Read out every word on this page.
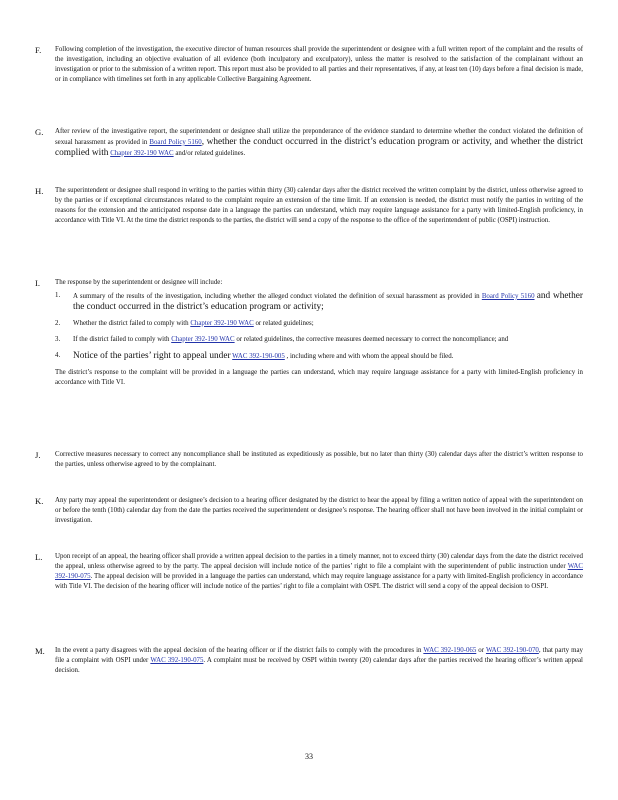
F. Following completion of the investigation, the executive director of human resources shall provide the superintendent or designee with a full written report of the complaint and the results of the investigation, including an objective evaluation of all evidence (both inculpatory and exculpatory), unless the matter is resolved to the satisfaction of the complainant without an investigation or prior to the submission of a written report. This report must also be provided to all parties and their representatives, if any, at least ten (10) days before a final decision is made, or in compliance with timelines set forth in any applicable Collective Bargaining Agreement.

G. After review of the investigative report, the superintendent or designee shall utilize the preponderance of the evidence standard to determine whether the conduct violated the definition of sexual harassment as provided in Board Policy 5160, whether the conduct occurred in the district’s education program or activity, and whether the district complied with Chapter 392-190 WAC and/or related guidelines.

H. The superintendent or designee shall respond in writing to the parties within thirty (30) calendar days after the district received the written complaint by the district, unless otherwise agreed to by the parties or if exceptional circumstances related to the complaint require an extension of the time limit. If an extension is needed, the district must notify the parties in writing of the reasons for the extension and the anticipated response date in a language the parties can understand, which may require language assistance for a party with limited-English proficiency, in accordance with Title VI. At the time the district responds to the parties, the district will send a copy of the response to the office of the superintendent of public (OSPI) instruction.

I. The response by the superintendent or designee will include:

1. A summary of the results of the investigation, including whether the alleged conduct violated the definition of sexual harassment as provided in Board Policy 5160 and whether the conduct occurred in the district’s education program or activity;
2. Whether the district failed to comply with Chapter 392-190 WAC or related guidelines;
3. If the district failed to comply with Chapter 392-190 WAC or related guidelines, the corrective measures deemed necessary to correct the noncompliance; and
4. Notice of the parties’ right to appeal under WAC 392-190-005 , including where and with whom the appeal should be filed.

The district’s response to the complaint will be provided in a language the parties can understand, which may require language assistance for a party with limited-English proficiency in accordance with Title VI.

J. Corrective measures necessary to correct any noncompliance shall be instituted as expeditiously as possible, but no later than thirty (30) calendar days after the district’s written response to the parties, unless otherwise agreed to by the complainant.

K. Any party may appeal the superintendent or designee’s decision to a hearing officer designated by the district to hear the appeal by filing a written notice of appeal with the superintendent on or before the tenth (10th) calendar day from the date the parties received the superintendent or designee’s response. The hearing officer shall not have been involved in the initial complaint or investigation.

L. Upon receipt of an appeal, the hearing officer shall provide a written appeal decision to the parties in a timely manner, not to exceed thirty (30) calendar days from the date the district received the appeal, unless otherwise agreed to by the party. The appeal decision will include notice of the parties’ right to file a complaint with the superintendent of public instruction under WAC 392-190-075. The appeal decision will be provided in a language the parties can understand, which may require language assistance for a party with limited-English proficiency in accordance with Title VI. The decision of the hearing officer will include notice of the parties’ right to file a complaint with OSPI. The district will send a copy of the appeal decision to OSPI.

M. In the event a party disagrees with the appeal decision of the hearing officer or if the district fails to comply with the procedures in WAC 392-190-065 or WAC 392-190-070, that party may file a complaint with OSPI under WAC 392-190-075. A complaint must be received by OSPI within twenty (20) calendar days after the parties received the hearing officer’s written appeal decision.

33
